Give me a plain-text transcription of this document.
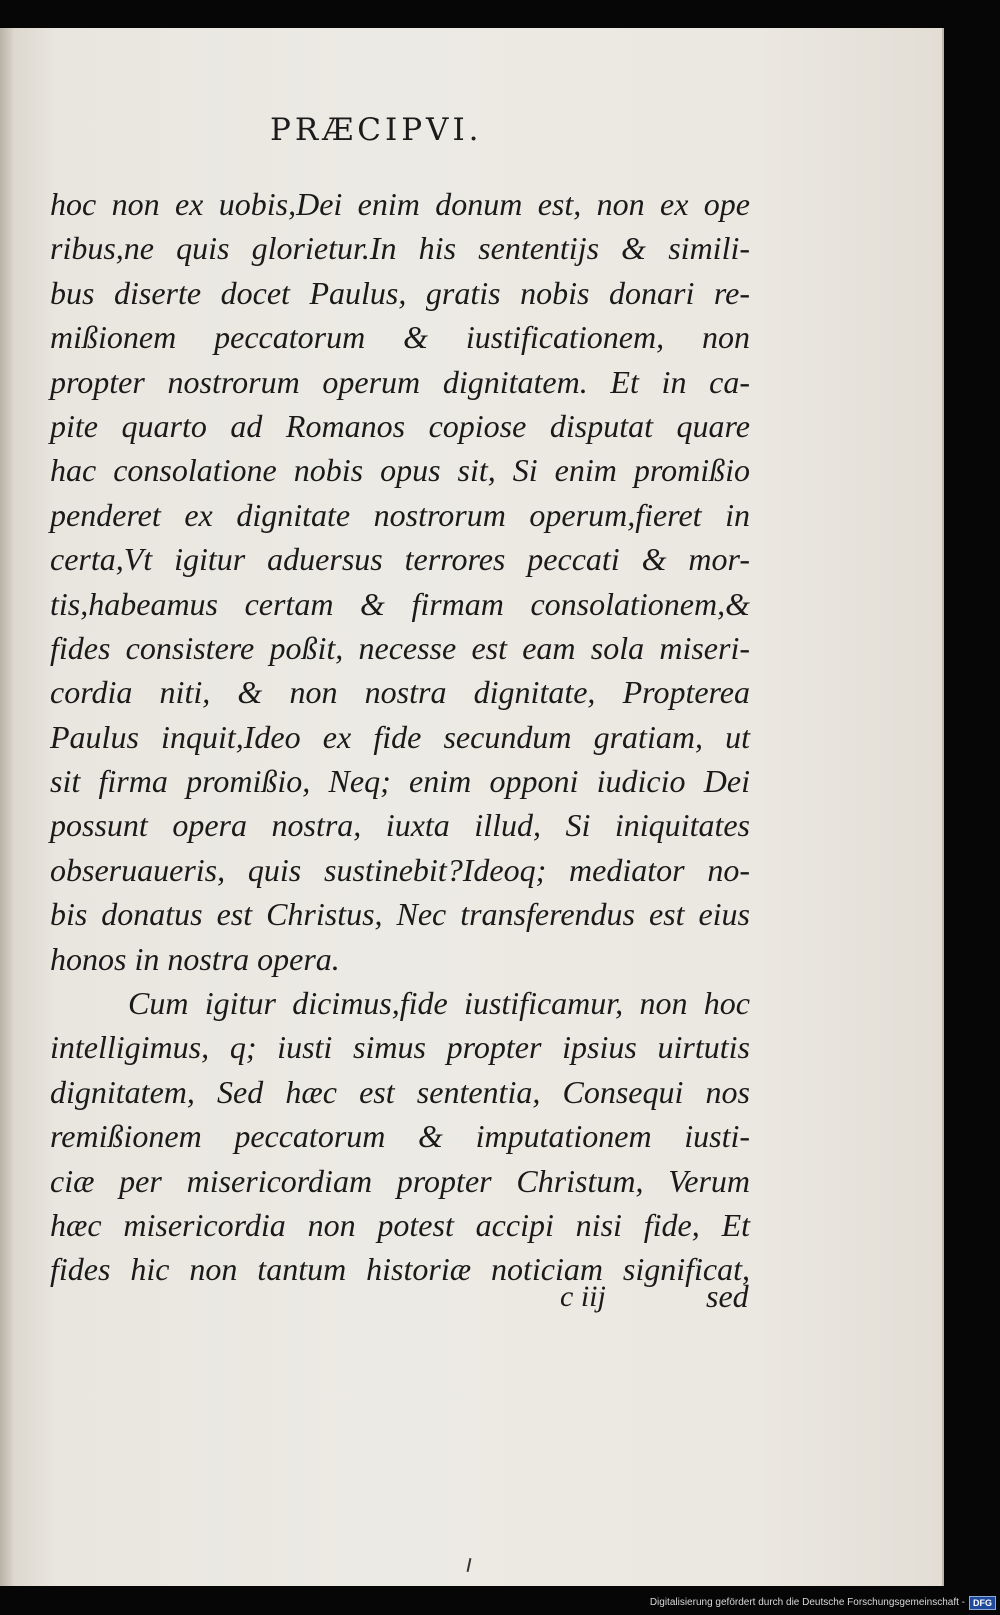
PRÆCIPVI.
hoc non ex uobis,Dei enim donum est, non ex ope
ribus,ne quis glorietur.In his sententijs & simili-
bus diserte docet Paulus, gratis nobis donari re-
mißionem peccatorum & iustificationem, non
propter nostrorum operum dignitatem. Et in ca-
pite quarto ad Romanos copiose disputat quare
hac consolatione nobis opus sit, Si enim promißio
penderet ex dignitate nostrorum operum,fieret in
certa,Vt igitur aduersus terrores peccati & mor-
tis,habeamus certam & firmam consolationem,&
fides consistere poßit, necesse est eam sola miseri-
cordia niti, & non nostra dignitate, Propterea
Paulus inquit,Ideo ex fide secundum gratiam, ut
sit firma promißio, Neq; enim opponi iudicio Dei
possunt opera nostra, iuxta illud, Si iniquitates
obseruaueris, quis sustinebit?Ideoq; mediator no-
bis donatus est Christus, Nec transferendus est eius
honos in nostra opera.
Cum igitur dicimus,fide iustificamur, non hoc
intelligimus, q; iusti simus propter ipsius uirtutis
dignitatem, Sed hæc est sententia, Consequi nos
remißionem peccatorum & imputationem iusti-
ciæ per misericordiam propter Christum, Verum
hæc misericordia non potest accipi nisi fide, Et
fides hic non tantum historiæ noticiam significat,
c iij	sed
Digitalisierung gefördert durch die Deutsche Forschungsgemeinschaft - DFG
